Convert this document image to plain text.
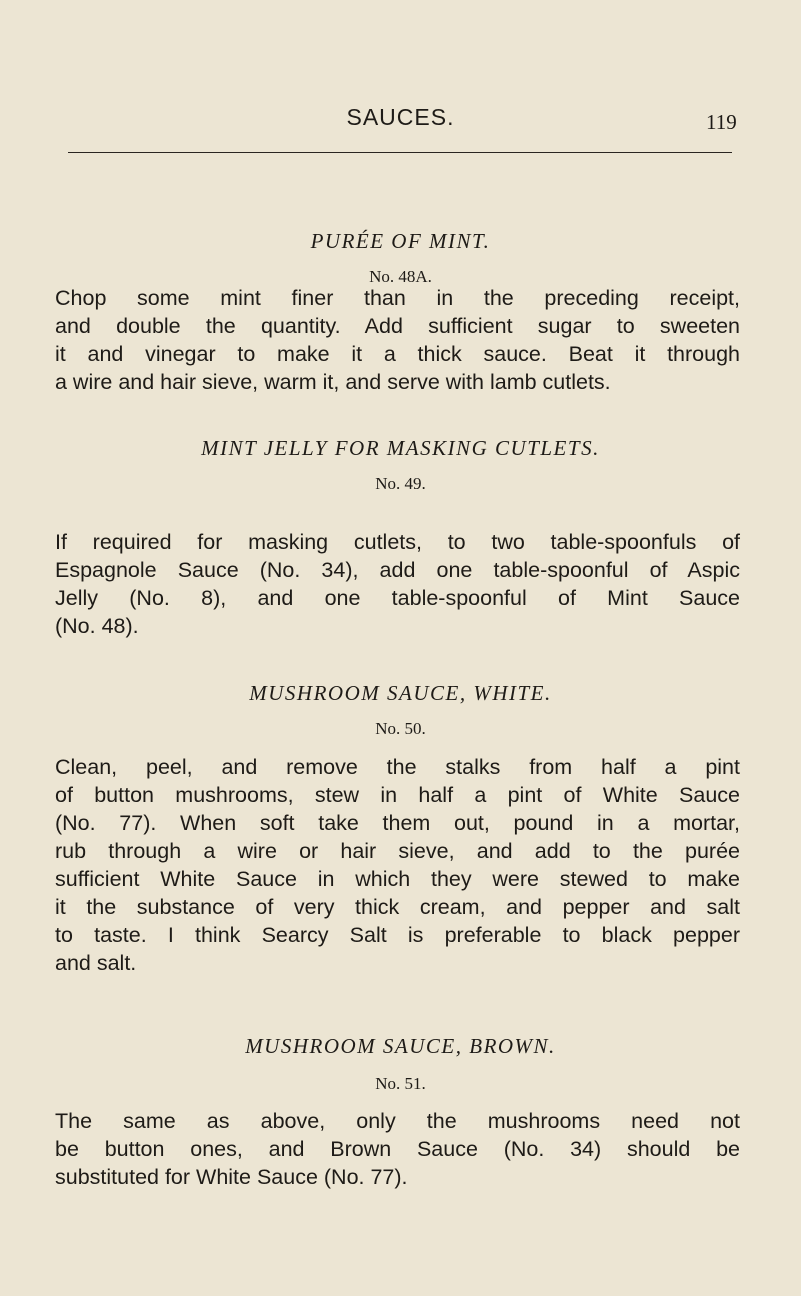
SAUCES.	119
PURÉE OF MINT.
No. 48A.
Chop some mint finer than in the preceding receipt,
and double the quantity. Add sufficient sugar to sweeten
it and vinegar to make it a thick sauce. Beat it through
a wire and hair sieve, warm it, and serve with lamb cutlets.
MINT JELLY FOR MASKING CUTLETS.
No. 49.
If required for masking cutlets, to two table-spoonfuls of
Espagnole Sauce (No. 34), add one table-spoonful of Aspic
Jelly (No. 8), and one table-spoonful of Mint Sauce
(No. 48).
MUSHROOM SAUCE, WHITE.
No. 50.
Clean, peel, and remove the stalks from half a pint
of button mushrooms, stew in half a pint of White Sauce
(No. 77). When soft take them out, pound in a mortar,
rub through a wire or hair sieve, and add to the purée
sufficient White Sauce in which they were stewed to make
it the substance of very thick cream, and pepper and salt
to taste. I think Searcy Salt is preferable to black pepper
and salt.
MUSHROOM SAUCE, BROWN.
No. 51.
The same as above, only the mushrooms need not
be button ones, and Brown Sauce (No. 34) should be
substituted for White Sauce (No. 77).
